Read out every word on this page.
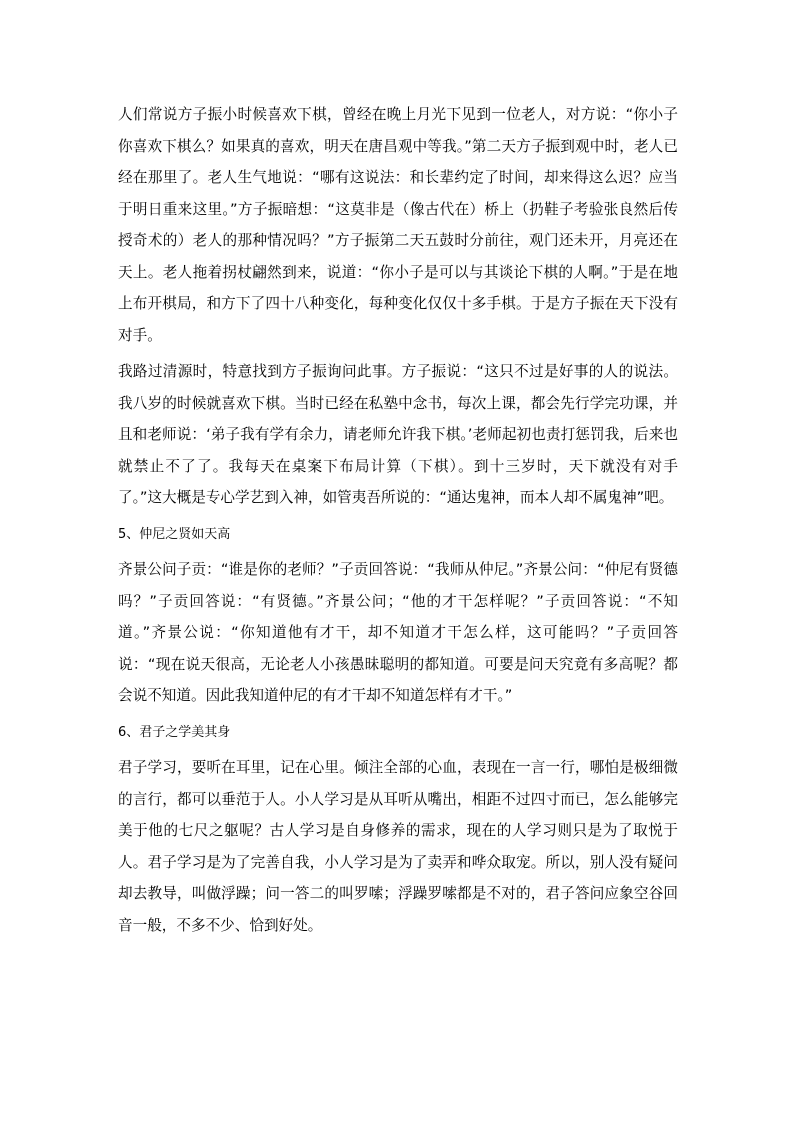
人们常说方子振小时候喜欢下棋，曾经在晚上月光下见到一位老人，对方说：“你小子你喜欢下棋么？如果真的喜欢，明天在唐昌观中等我。”第二天方子振到观中时，老人已经在那里了。老人生气地说：“哪有这说法：和长辈约定了时间，却来得这么迟？应当于明日重来这里。”方子振暗想：“这莫非是（像古代在）桥上（扔鞋子考验张良然后传授奇术的）老人的那种情况吗？”方子振第二天五鼓时分前往，观门还未开，月亮还在天上。老人拖着拐杖翩然到来，说道：“你小子是可以与其谈论下棋的人啊。”于是在地上布开棋局，和方下了四十八种变化，每种变化仅仅十多手棋。于是方子振在天下没有对手。

我路过清源时，特意找到方子振询问此事。方子振说：“这只不过是好事的人的说法。我八岁的时候就喜欢下棋。当时已经在私塾中念书，每次上课，都会先行学完功课，并且和老师说：‘弟子我有学有余力，请老师允许我下棋。’老师起初也责打惩罚我，后来也就禁止不了了。我每天在桌案下布局计算（下棋）。到十三岁时，天下就没有对手了。”这大概是专心学艺到入神，如管夷吾所说的：“通达鬼神，而本人却不属鬼神”吧。

5、仲尼之贤如天高

齐景公问子贡：“谁是你的老师？”子贡回答说：“我师从仲尼。”齐景公问：“仲尼有贤德吗？”子贡回答说：“有贤德。”齐景公问；“他的才干怎样呢？”子贡回答说：“不知道。”齐景公说：“你知道他有才干，却不知道才干怎么样，这可能吗？”子贡回答说：“现在说天很高，无论老人小孩愚昧聪明的都知道。可要是问天究竟有多高呢？都会说不知道。因此我知道仲尼的有才干却不知道怎样有才干。”

6、君子之学美其身

君子学习，要听在耳里，记在心里。倾注全部的心血，表现在一言一行，哪怕是极细微的言行，都可以垂范于人。小人学习是从耳听从嘴出，相距不过四寸而已，怎么能够完美于他的七尺之躯呢？古人学习是自身修养的需求，现在的人学习则只是为了取悦于人。君子学习是为了完善自我，小人学习是为了卖弄和哗众取宠。所以，别人没有疑问却去教导，叫做浮躁；问一答二的叫罗嗦；浮躁罗嗦都是不对的，君子答问应象空谷回音一般，不多不少、恰到好处。
